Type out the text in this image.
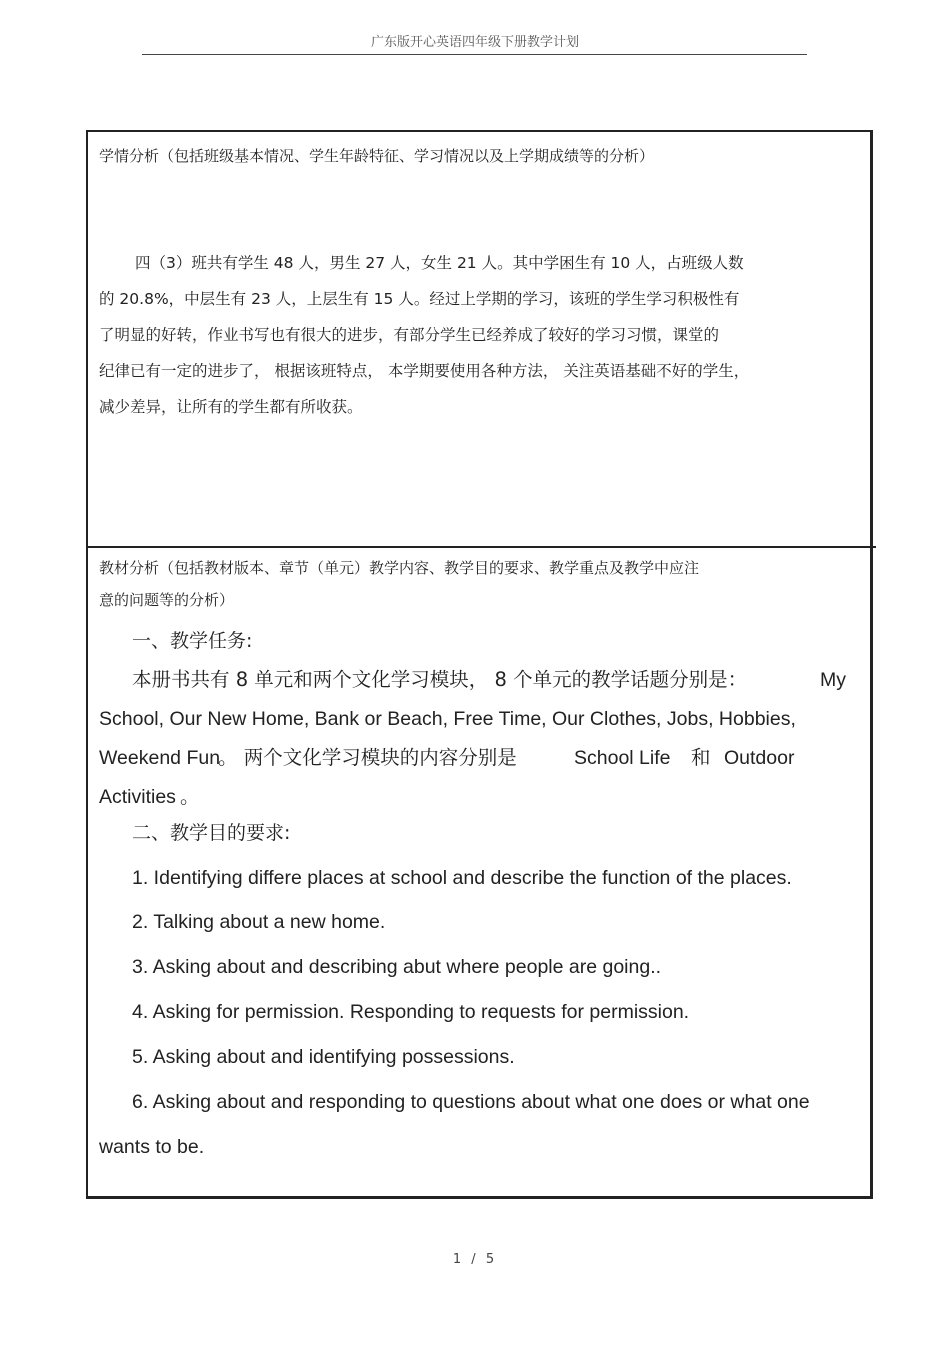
广东版开心英语四年级下册教学计划
学情分析（包括班级基本情况、学生年龄特征、学习情况以及上学期成绩等的分析）
四（3）班共有学生 48 人，男生 27 人，女生 21 人。其中学困生有 10 人，占班级人数
的 20.8%，中层生有 23 人，上层生有 15 人。经过上学期的学习，该班的学生学习积极性有
了明显的好转，作业书写也有很大的进步，有部分学生已经养成了较好的学习习惯，课堂的
纪律已有一定的进步了， 根据该班特点， 本学期要使用各种方法， 关注英语基础不好的学生，
减少差异，让所有的学生都有所收获。
教材分析（包括教材版本、章节（单元）教学内容、教学目的要求、教学重点及教学中应注
意的问题等的分析）
一、教学任务:
本册书共有 8 单元和两个文化学习模块， 8 个单元的教学话题分别是：	My
School, Our New Home, Bank or Beach, Free Time, Our Clothes, Jobs, Hobbies,
Weekend Fun
。 两个文化学习模块的内容分别是	School Life 和 Outdoor
Activities 。
二、教学目的要求:
1. Identifying differe places at school and describe the function of the places.
2. Talking about a new home.
3. Asking about and describing abut where people are going..
4. Asking for permission. Responding to requests for permission.
5. Asking about and identifying possessions.
6. Asking about and responding to questions about what one does or what one
wants to be.
1 / 5
